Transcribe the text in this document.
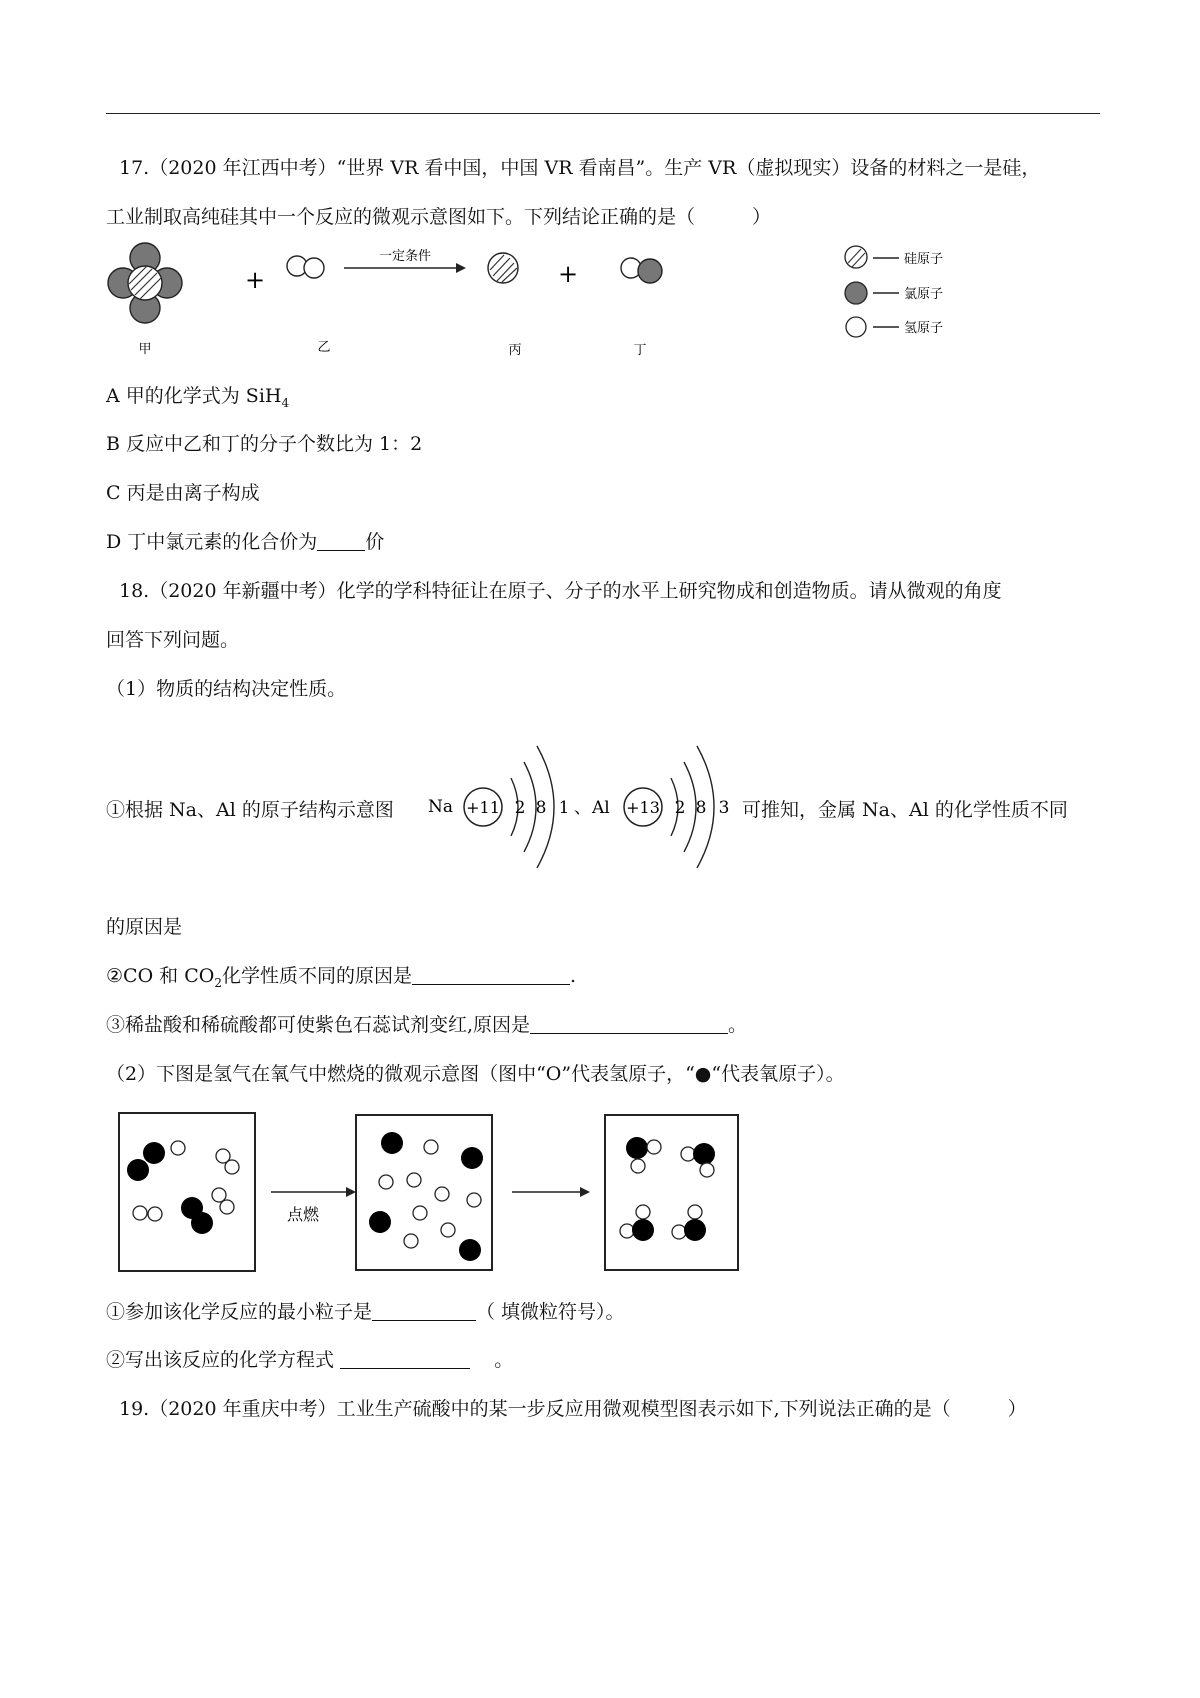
17.（2020 年江西中考）“世界 VR 看中国，中国 VR 看南昌”。生产 VR（虚拟现实）设备的材料之一是硅，
工业制取高纯硅其中一个反应的微观示意图如下。下列结论正确的是（　　　）
+
一定条件
+
甲	乙	丙	丁
硅原子
氯原子
氢原子
A 甲的化学式为 SiH$_4$
B 反应中乙和丁的分子个数比为 1：2
C 丙是由离子构成
D 丁中氯元素的化合价为	价
18.（2020 年新疆中考）化学的学科特征让在原子、分子的水平上研究物成和创造物质。请从微观的角度
回答下列问题。
（1）物质的结构决定性质。
①根据 Na、Al 的原子结构示意图 Na +11 2 8 1 、 Al +13 2 8 3 可推知，金属 Na、Al 的化学性质不同
的原因是
②CO 和 $CO_2$化学性质不同的原因是	.
③稀盐酸和稀硫酸都可使紫色石蕊试剂变红,原因是	。
（2）下图是氢气在氧气中燃烧的微观示意图（图中“O”代表氢原子，“●“代表氧原子）。
点燃
①参加该化学反应的最小粒子是	（ 填微粒符号）。
②写出该反应的化学方程式	。
19.（2020 年重庆中考）工业生产硫酸中的某一步反应用微观模型图表示如下,下列说法正确的是（　　　）
